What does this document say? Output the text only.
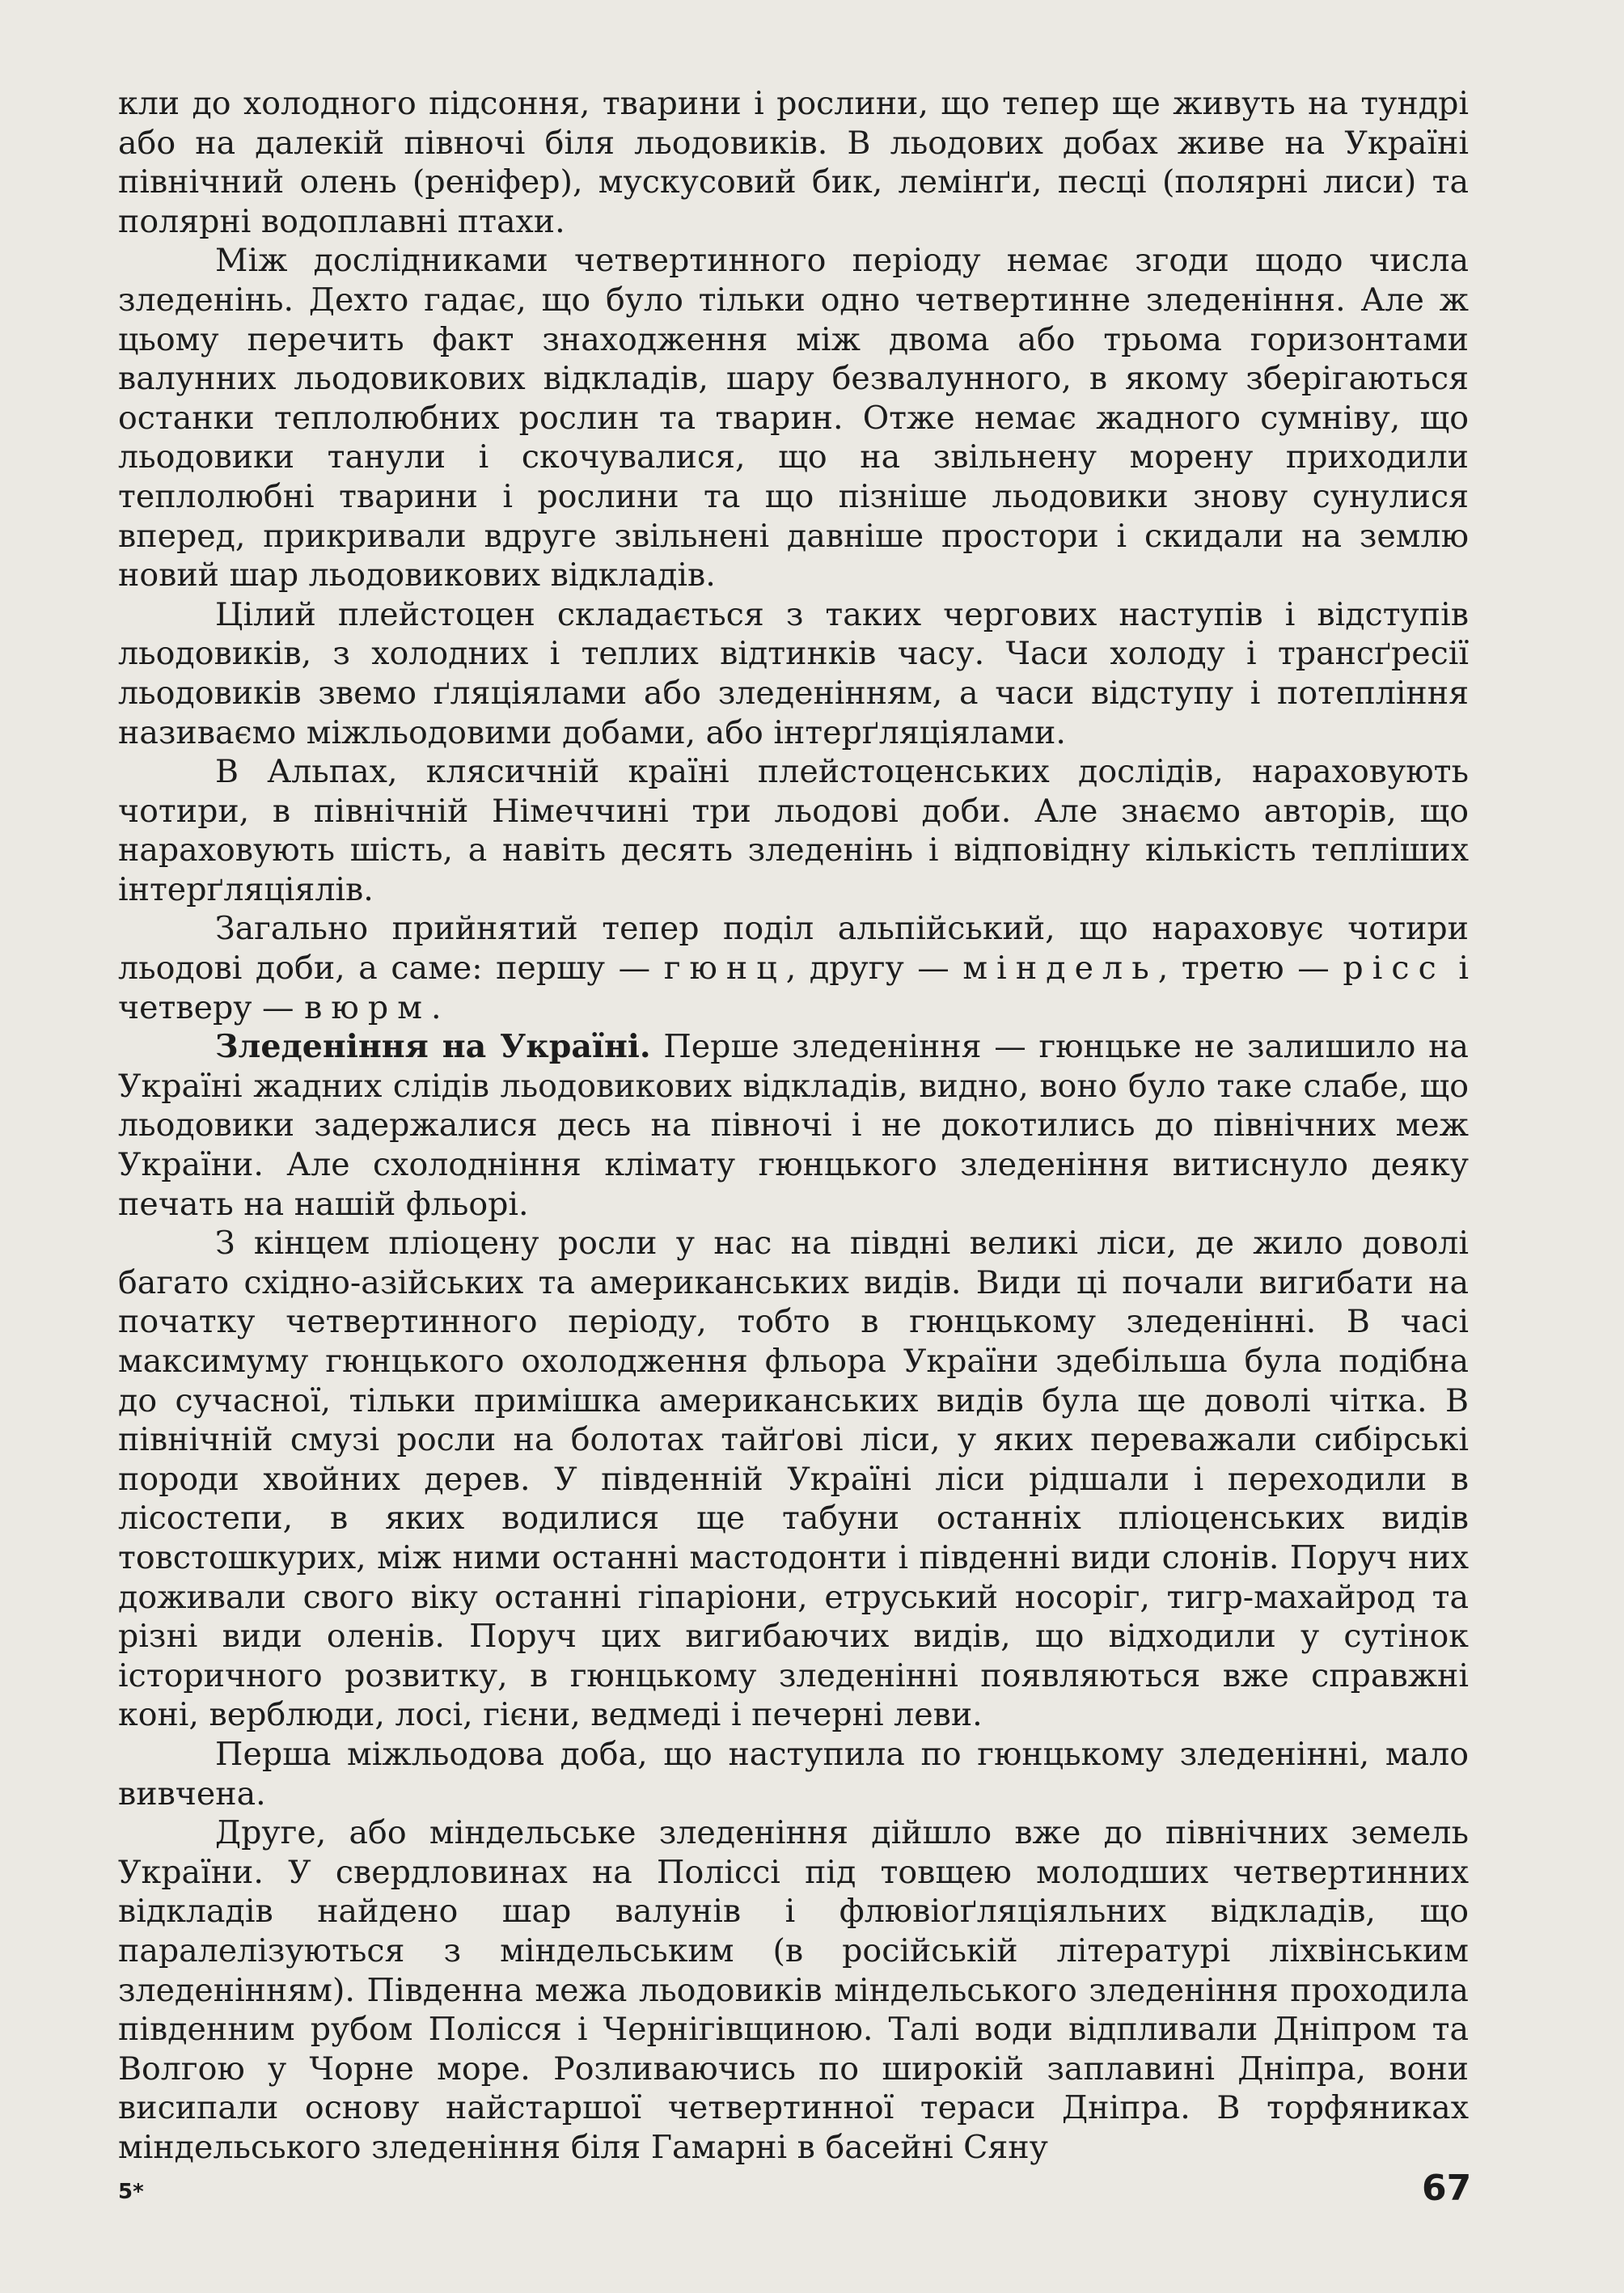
кли до холодного підсоння, тварини і рослини, що тепер ще живуть на тундрі або на далекій півночі біля льодовиків. В льодових добах живе на Україні північний олень (реніфер), мускусовий бик, лемінґи, песці (полярні лиси) та полярні водоплавні птахи.

Між дослідниками четвертинного періоду немає згоди щодо числа зледенінь. Дехто гадає, що було тільки одно четвертинне зледеніння. Але ж цьому перечить факт знаходження між двома або трьома горизонтами валунних льодовикових відкладів, шару безвалунного, в якому зберігаються останки теплолюбних рослин та тварин. Отже немає жадного сумніву, що льодовики танули і скочувалися, що на звільнену морену приходили теплолюбні тварини і рослини та що пізніше льодовики знову сунулися вперед, прикривали вдруге звільнені давніше простори і скидали на землю новий шар льодовикових відкладів.

Цілий плейстоцен складається з таких чергових наступів і відступів льодовиків, з холодних і теплих відтинків часу. Часи холоду і трансґресії льодовиків звемо ґляціялами або зледенінням, а часи відступу і потепління називаємо міжльодовими добами, або інтерґляціялами.

В Альпах, клясичній країні плейстоценських дослідів, нараховують чотири, в північній Німеччині три льодові доби. Але знаємо авторів, що нараховують шість, а навіть десять зледенінь і відповідну кількість тепліших інтерґляціялів.

Загально прийнятий тепер поділ альпійський, що нараховує чотири льодові доби, а саме: першу — гюнц, другу — міндель, третю — рісс і четверу — вюрм.

Зледеніння на Україні. Перше зледеніння — гюнцьке не залишило на Україні жадних слідів льодовикових відкладів, видно, воно було таке слабе, що льодовики задержалися десь на півночі і не докотились до північних меж України. Але схолодніння клімату гюнцького зледеніння витиснуло деяку печать на нашій фльорі.

З кінцем пліоцену росли у нас на півдні великі ліси, де жило доволі багато східно-азійських та американських видів. Види ці почали вигибати на початку четвертинного періоду, тобто в гюнцькому зледенінні. В часі максимуму гюнцького охолодження фльора України здебільша була подібна до сучасної, тільки примішка американських видів була ще доволі чітка. В північній смузі росли на болотах тайґові ліси, у яких переважали сибірські породи хвойних дерев. У південній Україні ліси рідшали і переходили в лісостепи, в яких водилися ще табуни останніх пліоценських видів товстошкурих, між ними останні мастодонти і південні види слонів. Поруч них доживали свого віку останні гіпаріони, етруський носоріг, тигр-махайрод та різні види оленів. Поруч цих вигибаючих видів, що відходили у сутінок історичного розвитку, в гюнцькому зледенінні появляються вже справжні коні, верблюди, лосі, гієни, ведмеді і печерні леви.

Перша міжльодова доба, що наступила по гюнцькому зледенінні, мало вивчена.

Друге, або міндельське зледеніння дійшло вже до північних земель України. У свердловинах на Поліссі під товщею молодших четвертинних відкладів найдено шар валунів і флювіоґляціяльних відкладів, що паралелізуються з міндельським (в російській літературі ліхвінським зледенінням). Південна межа льодовиків міндельського зледеніння проходила південним рубом Полісся і Чернігівщиною. Талі води відпливали Дніпром та Волгою у Чорне море. Розливаючись по широкій заплавині Дніпра, вони висипали основу найстаршої четвертинної тераси Дніпра. В торфяниках міндельського зледеніння біля Гамарні в басейні Сяну

5*	67
